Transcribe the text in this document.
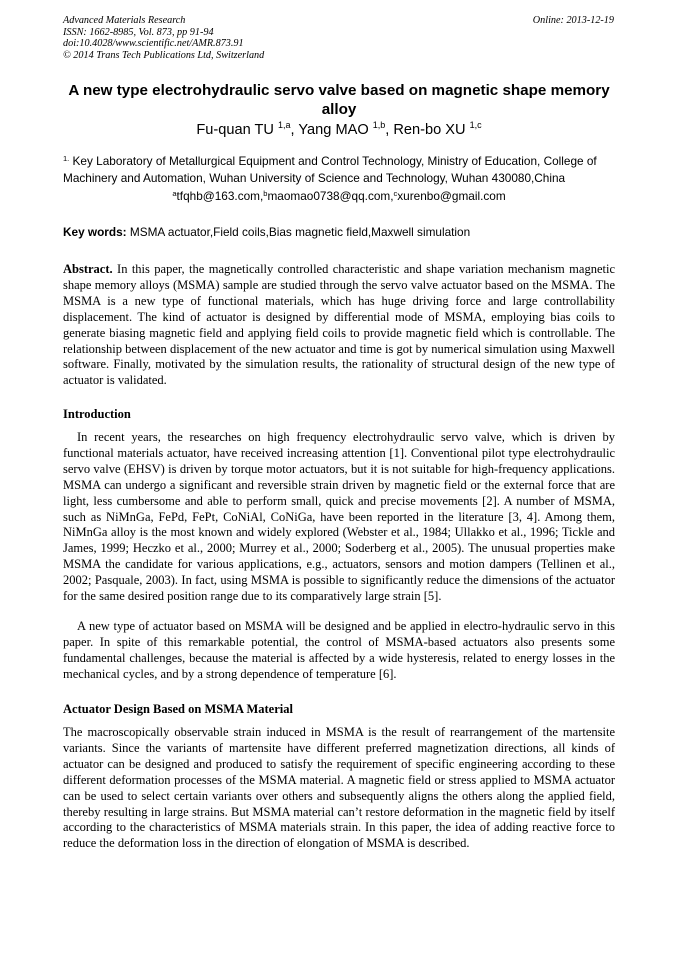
Advanced Materials Research
ISSN: 1662-8985, Vol. 873, pp 91-94
doi:10.4028/www.scientific.net/AMR.873.91
© 2014 Trans Tech Publications Ltd, Switzerland
Online: 2013-12-19
A new type electrohydraulic servo valve based on magnetic shape memory alloy
Fu-quan TU $^{1,a}$, Yang MAO $^{1,b}$, Ren-bo XU $^{1,c}$
$^{1.}$ Key Laboratory of Metallurgical Equipment and Control Technology, Ministry of Education, College of Machinery and Automation, Wuhan University of Science and Technology, Wuhan 430080,China
$^a$tfqhb@163.com,$^b$maomao0738@qq.com,$^c$xurenbo@gmail.com
Key words: MSMA actuator,Field coils,Bias magnetic field,Maxwell simulation

Abstract. In this paper, the magnetically controlled characteristic and shape variation mechanism magnetic shape memory alloys (MSMA) sample are studied through the servo valve actuator based on the MSMA. The MSMA is a new type of functional materials, which has huge driving force and large controllability displacement. The kind of actuator is designed by differential mode of MSMA, employing bias coils to generate biasing magnetic field and applying field coils to provide magnetic field which is controllable. The relationship between displacement of the new actuator and time is got by numerical simulation using Maxwell software. Finally, motivated by the simulation results, the rationality of structural design of the new type of actuator is validated.

Introduction

In recent years, the researches on high frequency electrohydraulic servo valve, which is driven by functional materials actuator, have received increasing attention [1]. Conventional pilot type electrohydraulic servo valve (EHSV) is driven by torque motor actuators, but it is not suitable for high-frequency applications. MSMA can undergo a significant and reversible strain driven by magnetic field or the external force that are light, less cumbersome and able to perform small, quick and precise movements [2]. A number of MSMA, such as NiMnGa, FePd, FePt, CoNiAl, CoNiGa, have been reported in the literature [3, 4]. Among them, NiMnGa alloy is the most known and widely explored (Webster et al., 1984; Ullakko et al., 1996; Tickle and James, 1999; Heczko et al., 2000; Murrey et al., 2000; Soderberg et al., 2005). The unusual properties make MSMA the candidate for various applications, e.g., actuators, sensors and motion dampers (Tellinen et al., 2002; Pasquale, 2003). In fact, using MSMA is possible to significantly reduce the dimensions of the actuator for the same desired position range due to its comparatively large strain [5].

A new type of actuator based on MSMA will be designed and be applied in electro-hydraulic servo in this paper. In spite of this remarkable potential, the control of MSMA-based actuators also presents some fundamental challenges, because the material is affected by a wide hysteresis, related to energy losses in the mechanical cycles, and by a strong dependence of temperature [6].

Actuator Design Based on MSMA Material

The macroscopically observable strain induced in MSMA is the result of rearrangement of the martensite variants. Since the variants of martensite have different preferred magnetization directions, all kinds of actuator can be designed and produced to satisfy the requirement of specific engineering according to these different deformation processes of the MSMA material. A magnetic field or stress applied to MSMA actuator can be used to select certain variants over others and subsequently aligns the others along the applied field, thereby resulting in large strains. But MSMA material can’t restore deformation in the magnetic field by itself according to the characteristics of MSMA materials strain. In this paper, the idea of adding reactive force to reduce the deformation loss in the direction of elongation of MSMA is described.
